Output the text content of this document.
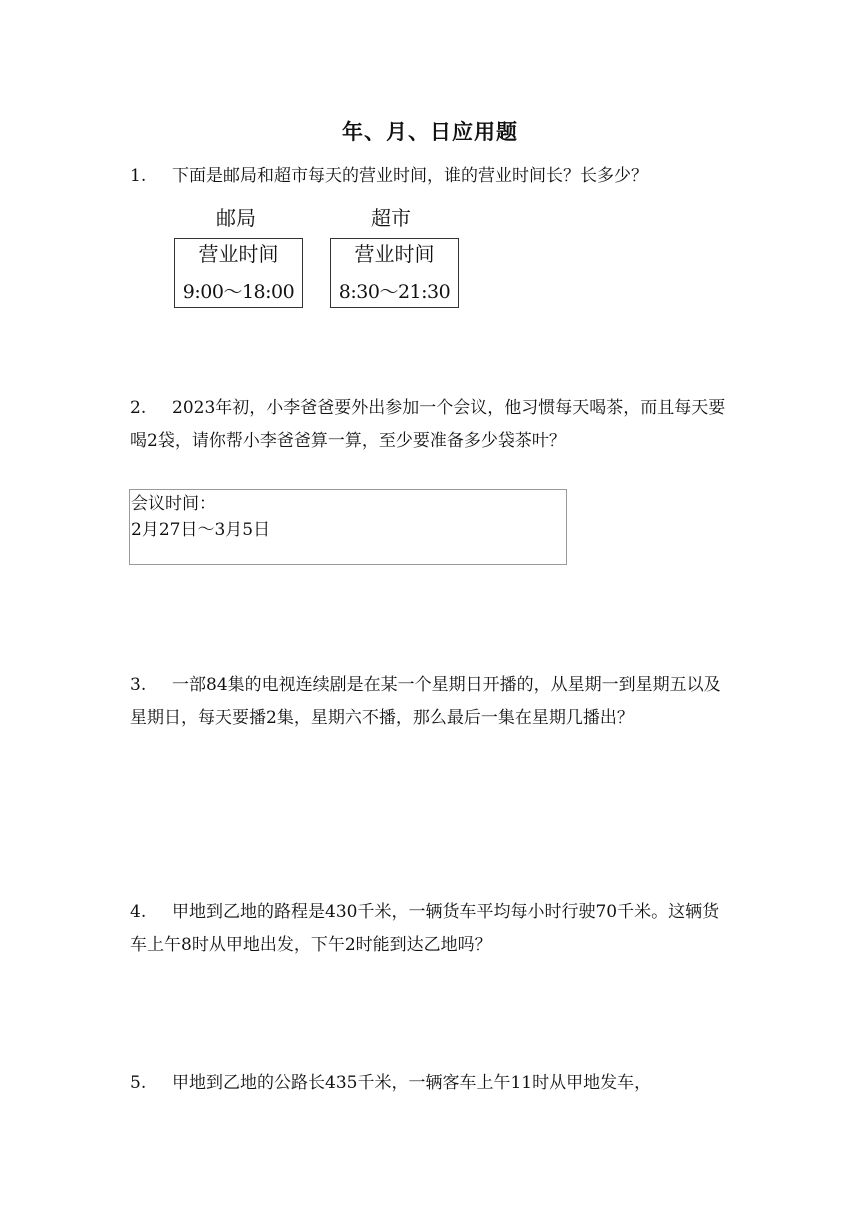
年、月、日应用题
1. 下面是邮局和超市每天的营业时间，谁的营业时间长？长多少？
邮局	超市
营业时间
9:00～18:00
营业时间
8:30～21:30
2. 2023年初，小李爸爸要外出参加一个会议，他习惯每天喝茶，而且每天要喝2袋，请你帮小李爸爸算一算，至少要准备多少袋茶叶？
会议时间：
2月27日～3月5日
3. 一部84集的电视连续剧是在某一个星期日开播的，从星期一到星期五以及星期日，每天要播2集，星期六不播，那么最后一集在星期几播出？
4. 甲地到乙地的路程是430千米，一辆货车平均每小时行驶70千米。这辆货车上午8时从甲地出发，下午2时能到达乙地吗？
5. 甲地到乙地的公路长435千米，一辆客车上午11时从甲地发车，
